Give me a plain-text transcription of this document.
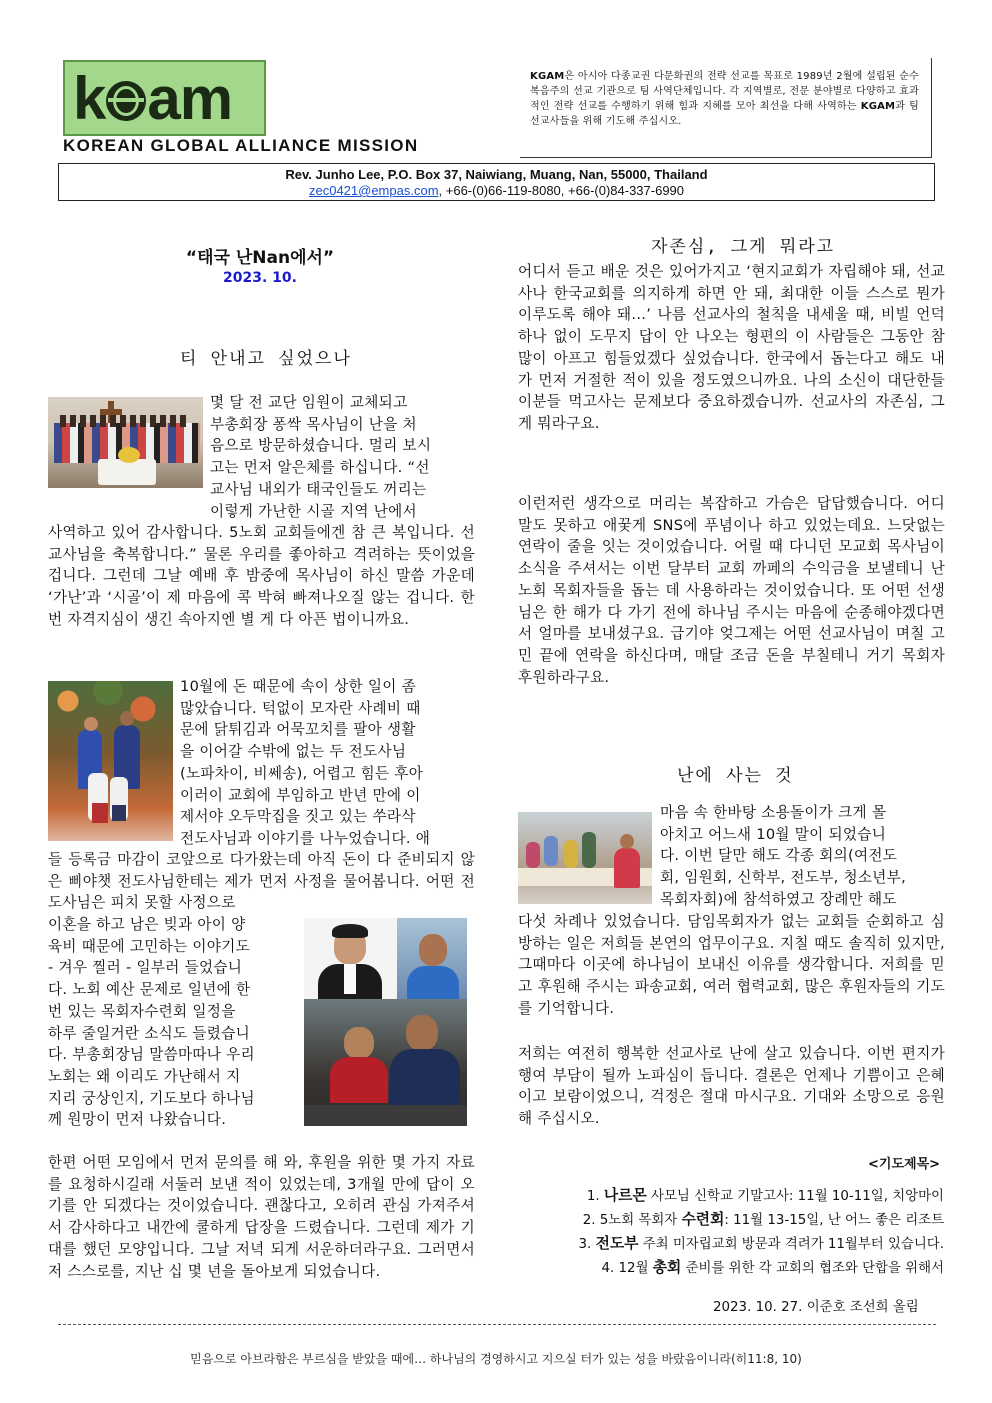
k am
KOREAN GLOBAL ALLIANCE MISSION
KGAM은 아시아 다종교권 다문화권의 전략 선교를 목표로 1989년 2월에 설립된 순수 복음주의 선교 기관으로 팀 사역단체입니다. 각 지역별로, 전문 분야별로 다양하고 효과적인 전략 선교를 수행하기 위해 힘과 지혜를 모아 최선을 다해 사역하는 KGAM과 팀 선교사들을 위해 기도해 주십시오.
Rev. Junho Lee, P.O. Box 37, Naiwiang, Muang, Nan, 55000, Thailand
zec0421@empas.com, +66-(0)66-119-8080, +66-(0)84-337-6990
“태국 난Nan에서”
2023. 10.
티 안내고 싶었으나
몇 달 전 교단 임원이 교체되고
부총회장 퐁싹 목사님이 난을 처
음으로 방문하셨습니다. 멀리 보시
고는 먼저 알은체를 하십니다. “선
교사님 내외가 태국인들도 꺼리는
이렇게 가난한 시골 지역 난에서
사역하고 있어 감사합니다. 5노회 교회들에겐 참 큰 복입니다. 선교사님을 축복합니다.” 물론 우리를 좋아하고 격려하는 뜻이었을 겁니다. 그런데 그날 예배 후 밤중에 목사님이 하신 말씀 가운데 ‘가난’과 ‘시골’이 제 마음에 콕 박혀 빠져나오질 않는 겁니다. 한번 자격지심이 생긴 속아지엔 별 게 다 아픈 법이니까요.
10월에 돈 때문에 속이 상한 일이 좀
많았습니다. 턱없이 모자란 사례비 때
문에 닭튀김과 어묵꼬치를 팔아 생활
을 이어갈 수밖에 없는 두 전도사님
(노파차이, 비쎄송), 어렵고 힘든 후아
이러이 교회에 부임하고 반년 만에 이
제서야 오두막집을 짓고 있는 쑤라삭
전도사님과 이야기를 나누었습니다. 애
들 등록금 마감이 코앞으로 다가왔는데 아직 돈이 다 준비되지 않은 삐야챗 전도사님한테는 제가 먼저 사정을 물어봅니다. 어떤 전도사님은 피치 못할 사정으로
이혼을 하고 남은 빚과 아이 양
육비 때문에 고민하는 이야기도
- 겨우 찔러 - 일부러 들었습니
다. 노회 예산 문제로 일년에 한
번 있는 목회자수련회 일정을
하루 줄일거란 소식도 들렸습니
다. 부총회장님 말씀마따나 우리
노회는 왜 이리도 가난해서 지
지리 궁상인지, 기도보다 하나님
께 원망이 먼저 나왔습니다.
한편 어떤 모임에서 먼저 문의를 해 와, 후원을 위한 몇 가지 자료를 요청하시길래 서둘러 보낸 적이 있었는데, 3개월 만에 답이 오기를 안 되겠다는 것이었습니다. 괜찮다고, 오히려 관심 가져주셔서 감사하다고 내깐에 쿨하게 답장을 드렸습니다. 그런데 제가 기대를 했던 모양입니다. 그날 저녁 되게 서운하더라구요. 그러면서 저 스스로를, 지난 십 몇 년을 돌아보게 되었습니다.
자존심, 그게 뭐라고
어디서 듣고 배운 것은 있어가지고 ‘현지교회가 자립해야 돼, 선교사나 한국교회를 의지하게 하면 안 돼, 최대한 이들 스스로 뭔가 이루도록 해야 돼...’ 나름 선교사의 철칙을 내세울 때, 비빌 언덕 하나 없이 도무지 답이 안 나오는 형편의 이 사람들은 그동안 참 많이 아프고 힘들었겠다 싶었습니다. 한국에서 돕는다고 해도 내가 먼저 거절한 적이 있을 정도였으니까요. 나의 소신이 대단한들 이분들 먹고사는 문제보다 중요하겠습니까. 선교사의 자존심, 그게 뭐라구요.
이런저런 생각으로 머리는 복잡하고 가슴은 답답했습니다. 어디 말도 못하고 애꿎게 SNS에 푸념이나 하고 있었는데요. 느닷없는 연락이 줄을 잇는 것이었습니다. 어릴 때 다니던 모교회 목사님이 소식을 주셔서는 이번 달부터 교회 까페의 수익금을 보낼테니 난노회 목회자들을 돕는 데 사용하라는 것이었습니다. 또 어떤 선생님은 한 해가 다 가기 전에 하나님 주시는 마음에 순종해야겠다면서 얼마를 보내셨구요. 급기야 엊그제는 어떤 선교사님이 며칠 고민 끝에 연락을 하신다며, 매달 조금 돈을 부칠테니 거기 목회자 후원하라구요.
난에 사는 것
마음 속 한바탕 소용돌이가 크게 몰
아치고 어느새 10월 말이 되었습니
다. 이번 달만 해도 각종 회의(여전도
회, 임원회, 신학부, 전도부, 청소년부,
목회자회)에 참석하였고 장례만 해도
다섯 차례나 있었습니다. 담임목회자가 없는 교회들 순회하고 심방하는 일은 저희들 본연의 업무이구요. 지칠 때도 솔직히 있지만, 그때마다 이곳에 하나님이 보내신 이유를 생각합니다. 저희를 믿고 후원해 주시는 파송교회, 여러 협력교회, 많은 후원자들의 기도를 기억합니다.
저희는 여전히 행복한 선교사로 난에 살고 있습니다. 이번 편지가 행여 부담이 될까 노파심이 듭니다. 결론은 언제나 기쁨이고 은혜이고 보람이었으니, 걱정은 절대 마시구요. 기대와 소망으로 응원해 주십시오.
<기도제목>
1. 나르몬 사모님 신학교 기말고사: 11월 10-11일, 치앙마이
2. 5노회 목회자 수련회: 11월 13-15일, 난 어느 좋은 리조트
3. 전도부 주최 미자립교회 방문과 격려가 11월부터 있습니다.
4. 12월 총회 준비를 위한 각 교회의 협조와 단합을 위해서
2023. 10. 27. 이준호 조선희 올림
믿음으로 아브라함은 부르심을 받았을 때에… 하나님의 경영하시고 지으실 터가 있는 성을 바랐음이니라(히11:8, 10)
